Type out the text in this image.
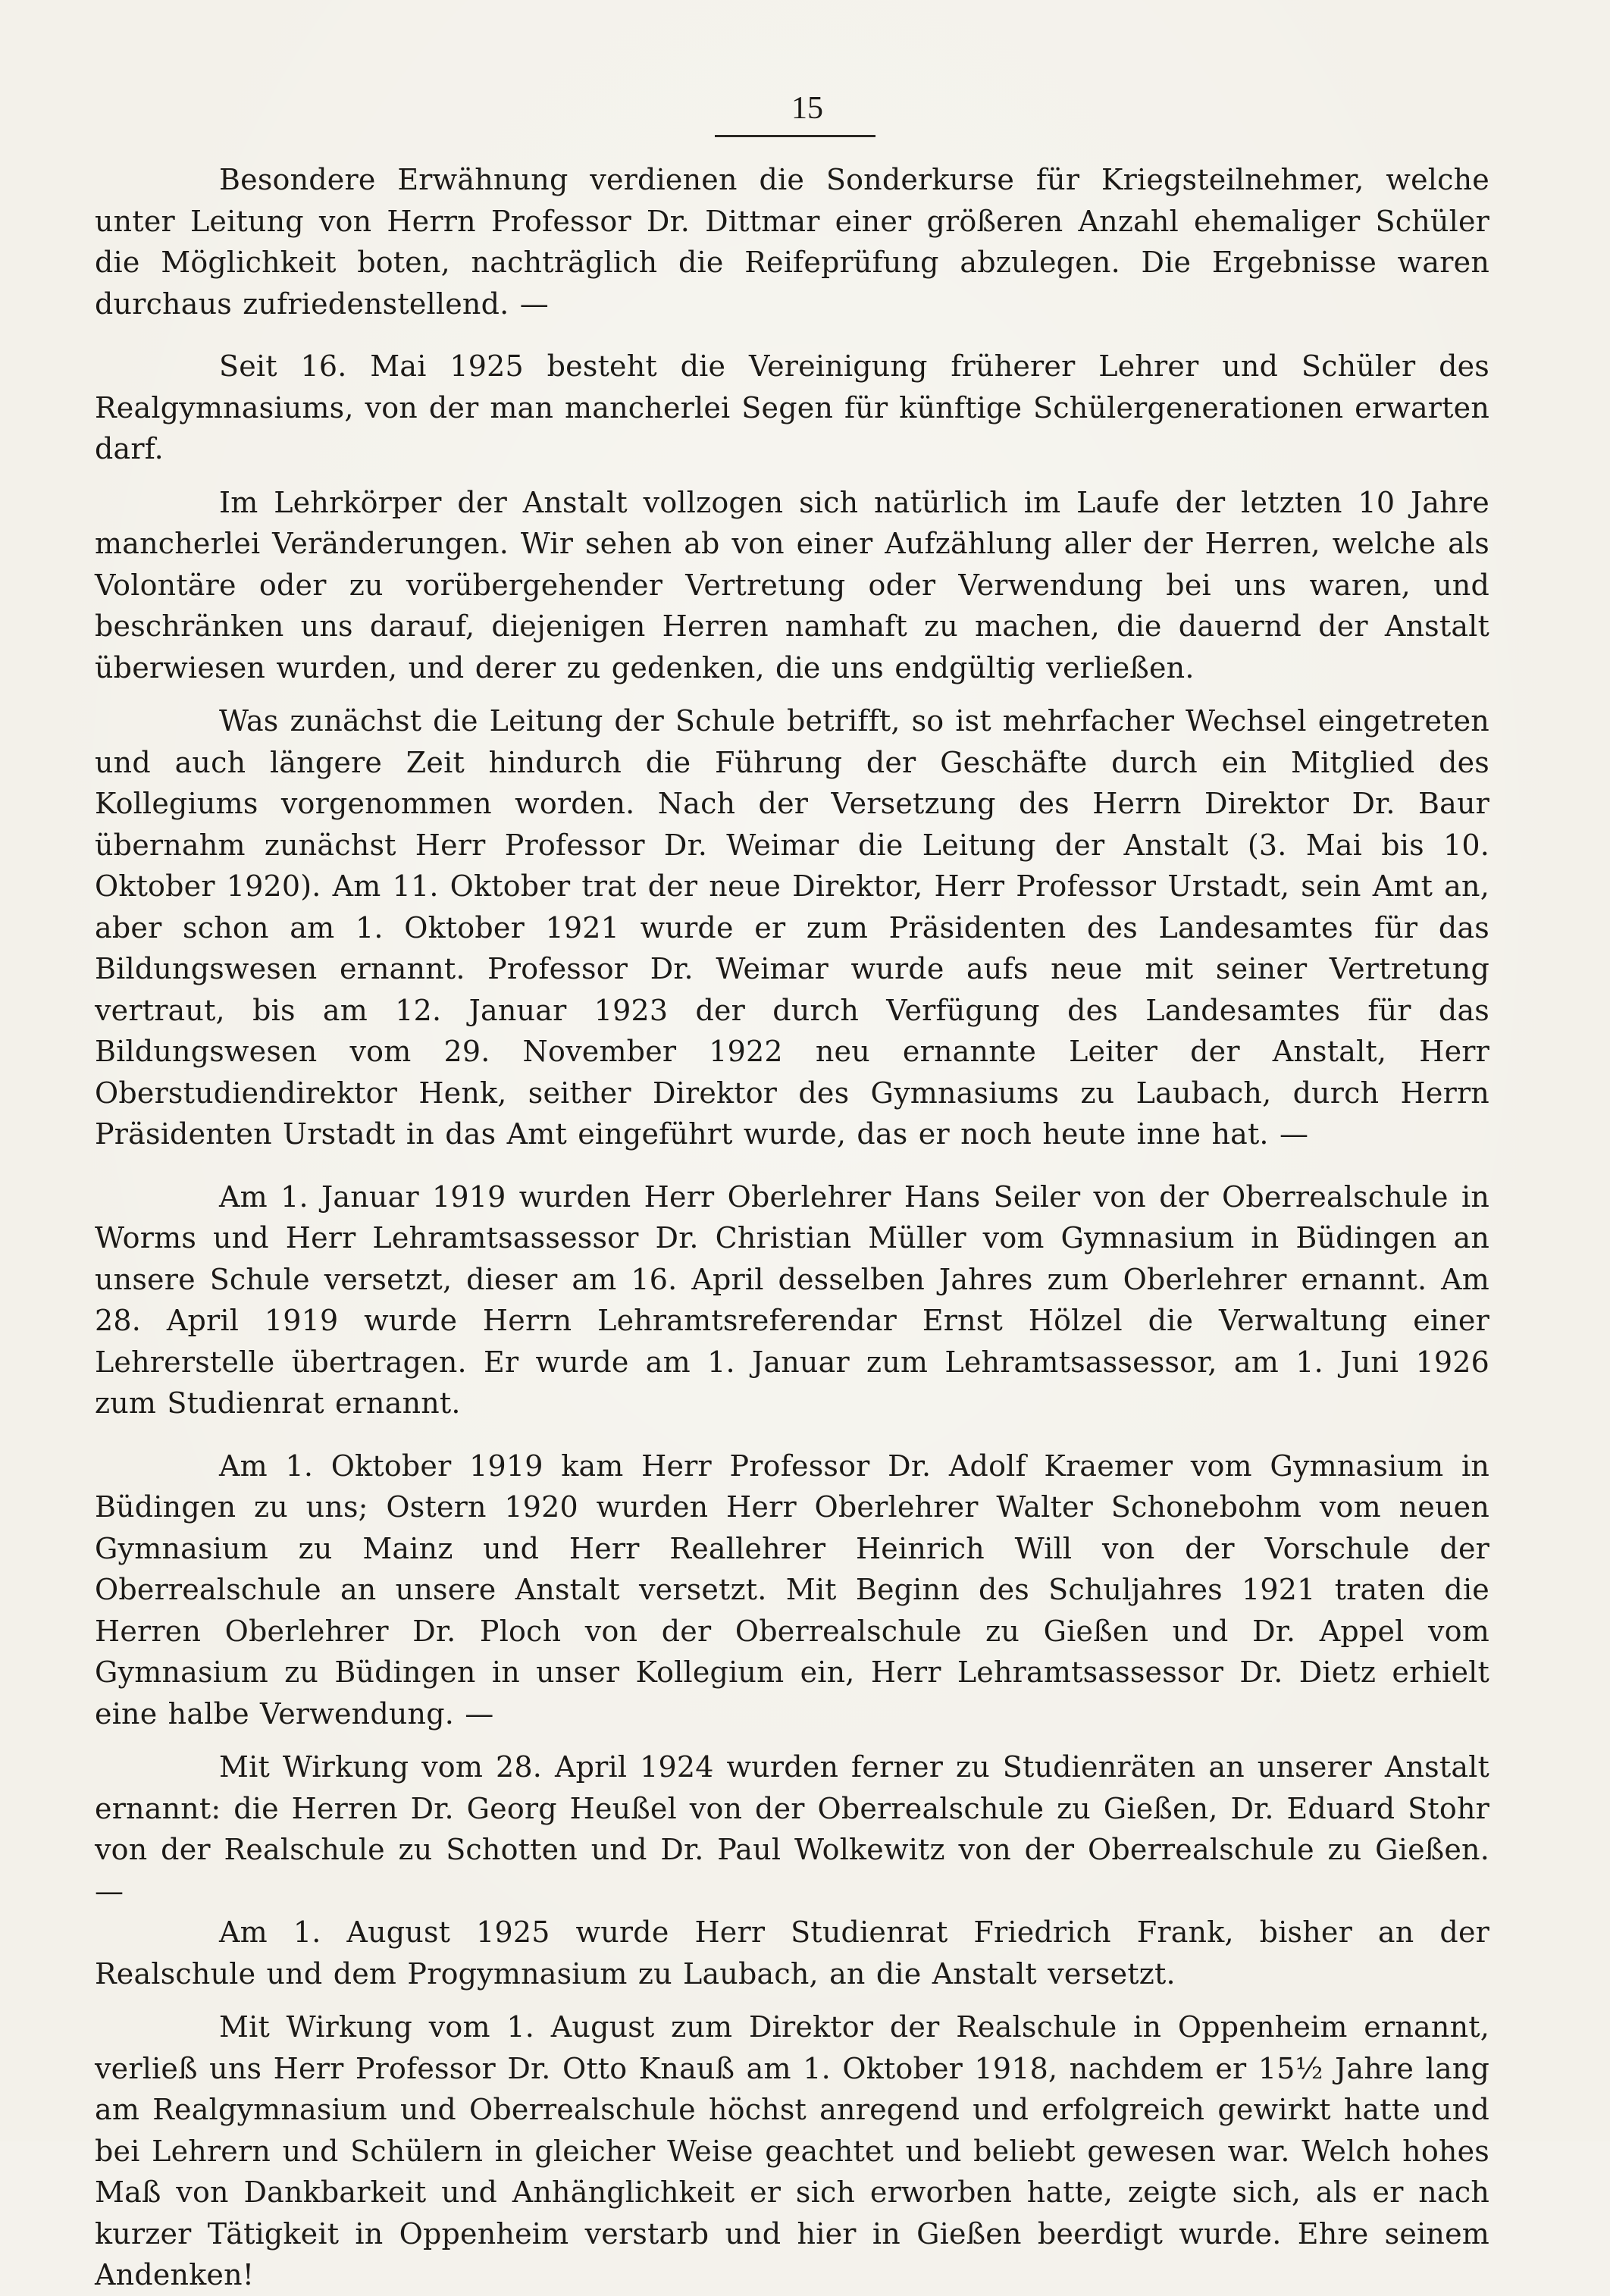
15

Besondere Erwähnung verdienen die Sonderkurse für Kriegsteilnehmer, welche unter Leitung von Herrn Professor Dr. Dittmar einer größeren Anzahl ehemaliger Schüler die Möglichkeit boten, nachträglich die Reifeprüfung abzulegen. Die Ergebnisse waren durchaus zufriedenstellend. —

Seit 16. Mai 1925 besteht die Vereinigung früherer Lehrer und Schüler des Realgymnasiums, von der man mancherlei Segen für künftige Schülergenerationen erwarten darf.

Im Lehrkörper der Anstalt vollzogen sich natürlich im Laufe der letzten 10 Jahre mancherlei Veränderungen. Wir sehen ab von einer Aufzählung aller der Herren, welche als Volontäre oder zu vorübergehender Vertretung oder Verwendung bei uns waren, und beschränken uns darauf, diejenigen Herren namhaft zu machen, die dauernd der Anstalt überwiesen wurden, und derer zu gedenken, die uns endgültig verließen.

Was zunächst die Leitung der Schule betrifft, so ist mehrfacher Wechsel eingetreten und auch längere Zeit hindurch die Führung der Geschäfte durch ein Mitglied des Kollegiums vorgenommen worden. Nach der Versetzung des Herrn Direktor Dr. Baur übernahm zunächst Herr Professor Dr. Weimar die Leitung der Anstalt (3. Mai bis 10. Oktober 1920). Am 11. Oktober trat der neue Direktor, Herr Professor Urstadt, sein Amt an, aber schon am 1. Oktober 1921 wurde er zum Präsidenten des Landesamtes für das Bildungswesen ernannt. Professor Dr. Weimar wurde aufs neue mit seiner Vertretung vertraut, bis am 12. Januar 1923 der durch Verfügung des Landesamtes für das Bildungswesen vom 29. November 1922 neu ernannte Leiter der Anstalt, Herr Oberstudiendirektor Henk, seither Direktor des Gymnasiums zu Laubach, durch Herrn Präsidenten Urstadt in das Amt eingeführt wurde, das er noch heute inne hat. —

Am 1. Januar 1919 wurden Herr Oberlehrer Hans Seiler von der Oberrealschule in Worms und Herr Lehramtsassessor Dr. Christian Müller vom Gymnasium in Büdingen an unsere Schule versetzt, dieser am 16. April desselben Jahres zum Oberlehrer ernannt. Am 28. April 1919 wurde Herrn Lehramtsreferendar Ernst Hölzel die Verwaltung einer Lehrerstelle übertragen. Er wurde am 1. Januar zum Lehramtsassessor, am 1. Juni 1926 zum Studienrat ernannt.

Am 1. Oktober 1919 kam Herr Professor Dr. Adolf Kraemer vom Gymnasium in Büdingen zu uns; Ostern 1920 wurden Herr Oberlehrer Walter Schonebohm vom neuen Gymnasium zu Mainz und Herr Reallehrer Heinrich Will von der Vorschule der Oberrealschule an unsere Anstalt versetzt. Mit Beginn des Schuljahres 1921 traten die Herren Oberlehrer Dr. Ploch von der Oberrealschule zu Gießen und Dr. Appel vom Gymnasium zu Büdingen in unser Kollegium ein, Herr Lehramtsassessor Dr. Dietz erhielt eine halbe Verwendung. —

Mit Wirkung vom 28. April 1924 wurden ferner zu Studienräten an unserer Anstalt ernannt: die Herren Dr. Georg Heußel von der Oberrealschule zu Gießen, Dr. Eduard Stohr von der Realschule zu Schotten und Dr. Paul Wolkewitz von der Oberrealschule zu Gießen. —

Am 1. August 1925 wurde Herr Studienrat Friedrich Frank, bisher an der Realschule und dem Progymnasium zu Laubach, an die Anstalt versetzt.

Mit Wirkung vom 1. August zum Direktor der Realschule in Oppenheim ernannt, verließ uns Herr Professor Dr. Otto Knauß am 1. Oktober 1918, nachdem er 15½ Jahre lang am Realgymnasium und Oberrealschule höchst anregend und erfolgreich gewirkt hatte und bei Lehrern und Schülern in gleicher Weise geachtet und beliebt gewesen war. Welch hohes Maß von Dankbarkeit und Anhänglichkeit er sich erworben hatte, zeigte sich, als er nach kurzer Tätigkeit in Oppenheim verstarb und hier in Gießen beerdigt wurde. Ehre seinem Andenken!
